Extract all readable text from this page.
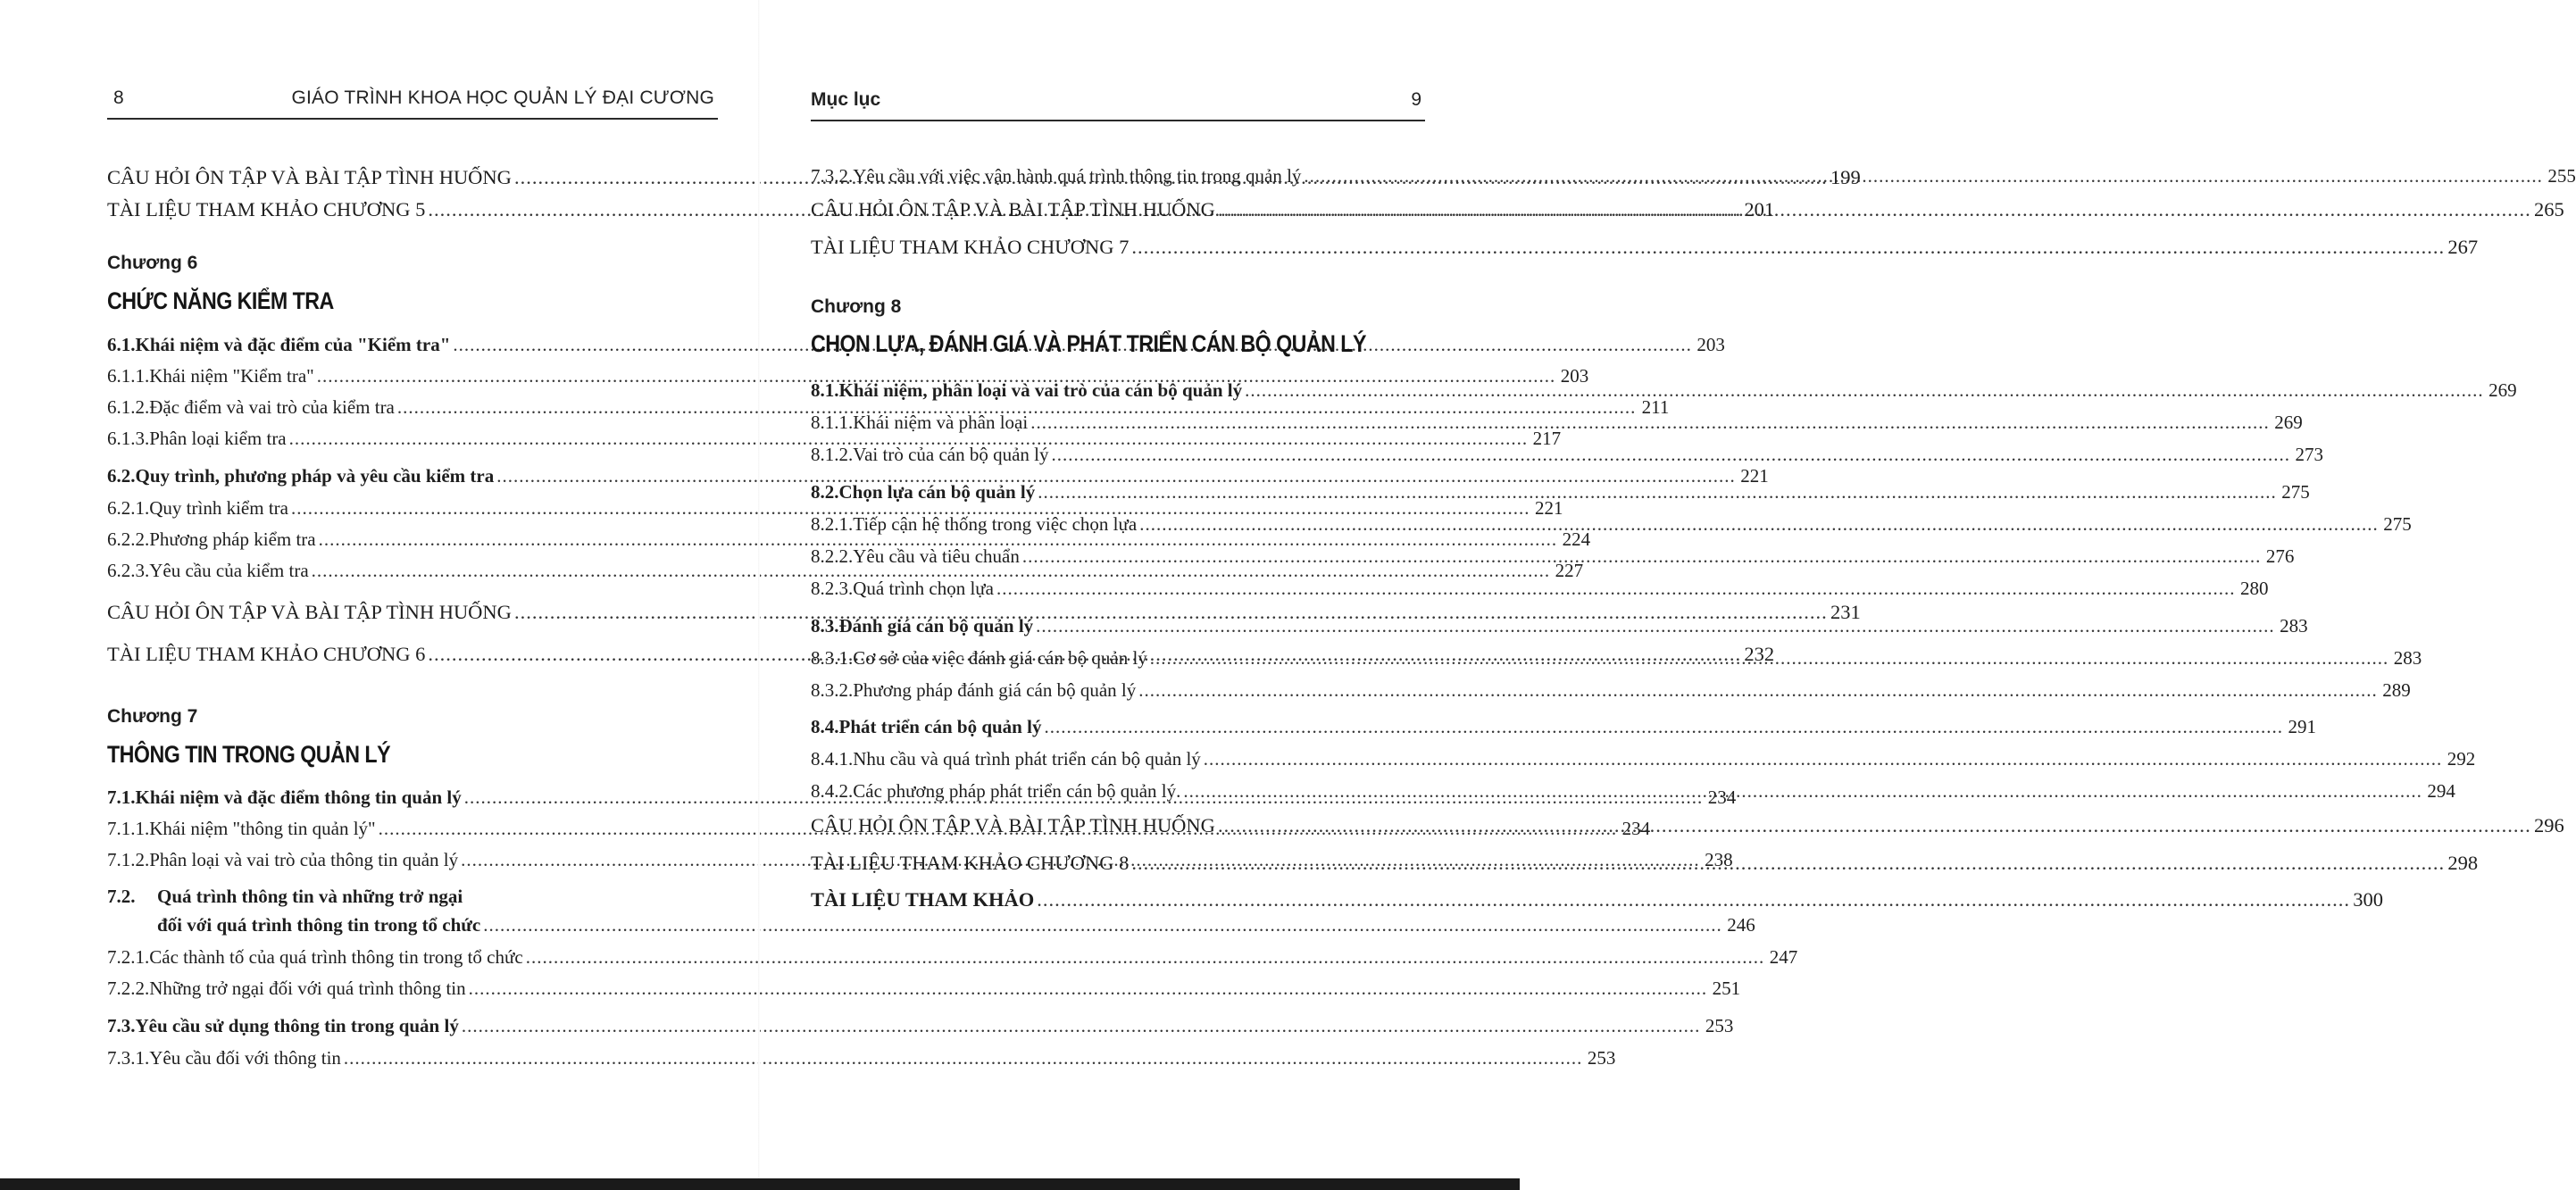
8	GIÁO TRÌNH KHOA HỌC QUẢN LÝ ĐẠI CƯƠNG
CÂU HỎI ÔN TẬP VÀ BÀI TẬP TÌNH HUỐNG .....	199
TÀI LIỆU THAM KHẢO CHƯƠNG 5 .....	201
Chương 6
CHỨC NĂNG KIỂM TRA
6.1. Khái niệm và đặc điểm của "Kiểm tra" .....	203
6.1.1. Khái niệm "Kiểm tra" .....	203
6.1.2. Đặc điểm và vai trò của kiểm tra .....	211
6.1.3. Phân loại kiểm tra .....	217
6.2. Quy trình, phương pháp và yêu cầu kiểm tra .....	221
6.2.1. Quy trình kiểm tra .....	221
6.2.2. Phương pháp kiểm tra .....	224
6.2.3. Yêu cầu của kiểm tra .....	227
CÂU HỎI ÔN TẬP VÀ BÀI TẬP TÌNH HUỐNG .....	231
TÀI LIỆU THAM KHẢO CHƯƠNG 6 .....	232
Chương 7
THÔNG TIN TRONG QUẢN LÝ
7.1. Khái niệm và đặc điểm thông tin quản lý .....	234
7.1.1. Khái niệm "thông tin quản lý" .....	234
7.1.2. Phân loại và vai trò của thông tin quản lý .....	238
7.2. Quá trình thông tin và những trở ngại
đối với quá trình thông tin trong tổ chức .....	246
7.2.1. Các thành tố của quá trình thông tin trong tổ chức .....	247
7.2.2. Những trở ngại đối với quá trình thông tin .....	251
7.3. Yêu cầu sử dụng thông tin trong quản lý .....	253
7.3.1. Yêu cầu đối với thông tin .....	253
Mục lục	9
7.3.2. Yêu cầu với việc vận hành quá trình thông tin trong quản lý .....	255
CÂU HỎI ÔN TẬP VÀ BÀI TẬP TÌNH HUỐNG .....	265
TÀI LIỆU THAM KHẢO CHƯƠNG 7 .....	267
Chương 8
CHỌN LỰA, ĐÁNH GIÁ VÀ PHÁT TRIỂN CÁN BỘ QUẢN LÝ
8.1. Khái niệm, phân loại và vai trò của cán bộ quản lý .....	269
8.1.1. Khái niệm và phân loại .....	269
8.1.2. Vai trò của cán bộ quản lý .....	273
8.2. Chọn lựa cán bộ quản lý .....	275
8.2.1. Tiếp cận hệ thống trong việc chọn lựa .....	275
8.2.2. Yêu cầu và tiêu chuẩn .....	276
8.2.3. Quá trình chọn lựa .....	280
8.3. Đánh giá cán bộ quản lý .....	283
8.3.1. Cơ sở của việc đánh giá cán bộ quản lý .....	283
8.3.2. Phương pháp đánh giá cán bộ quản lý .....	289
8.4. Phát triển cán bộ quản lý .....	291
8.4.1. Nhu cầu và quá trình phát triển cán bộ quản lý .....	292
8.4.2. Các phương pháp phát triển cán bộ quản lý. .....	294
CÂU HỎI ÔN TẬP VÀ BÀI TẬP TÌNH HUỐNG .....	296
TÀI LIỆU THAM KHẢO CHƯƠNG 8 .....	298
TÀI LIỆU THAM KHẢO .....	300
